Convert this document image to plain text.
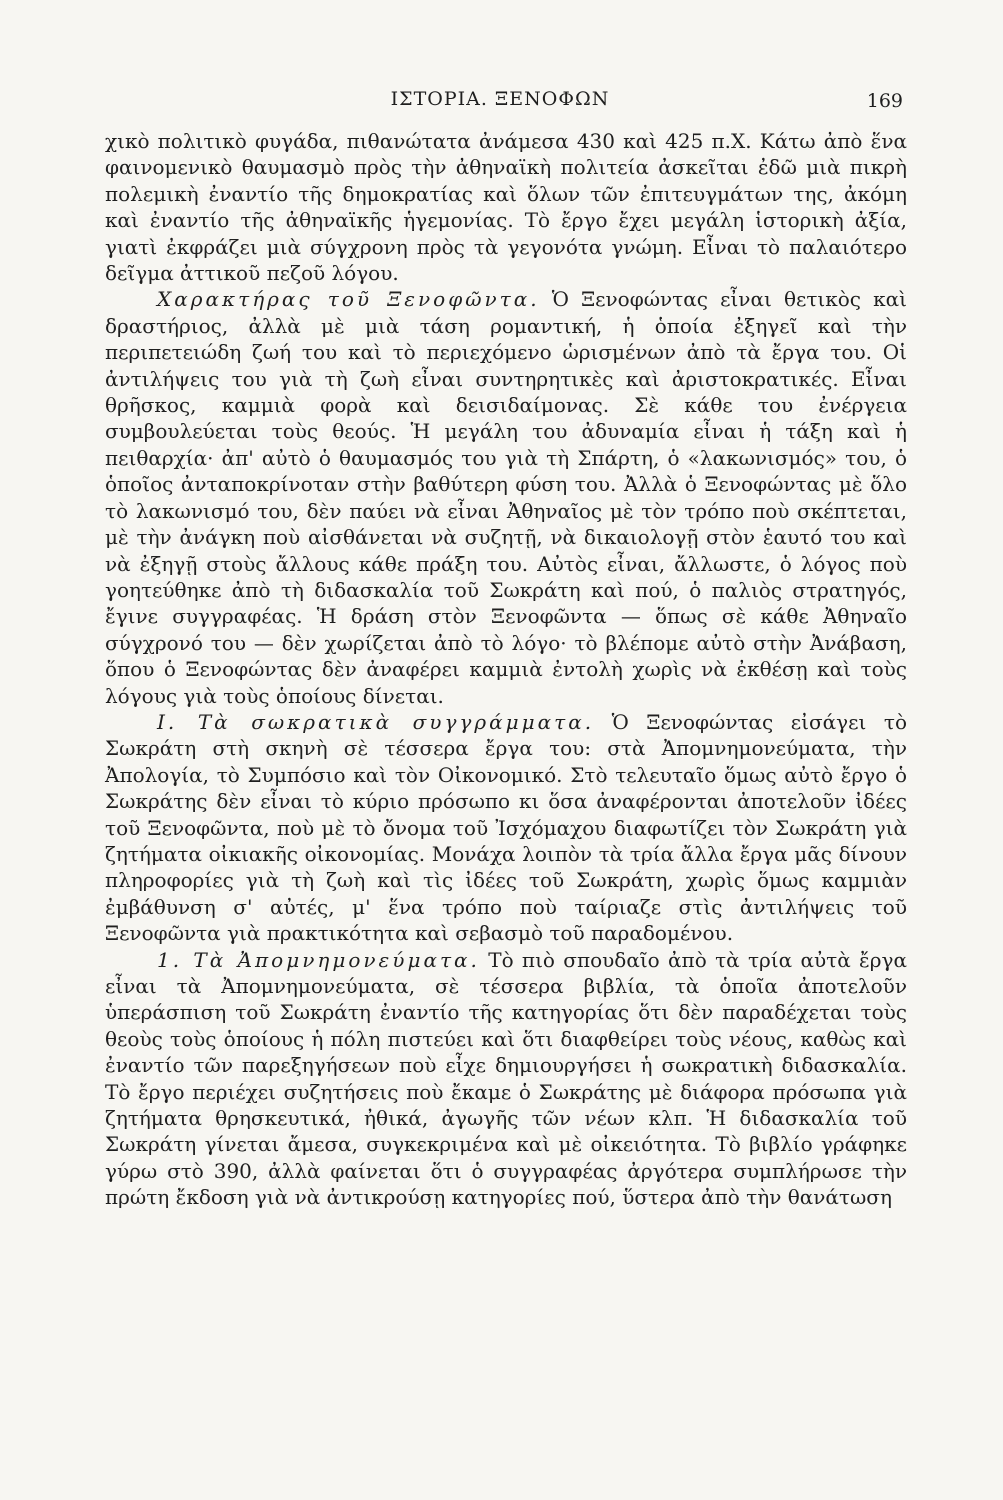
ΙΣΤΟΡΙΑ. ΞΕΝΟΦΩΝ	169

χικὸ πολιτικὸ φυγάδα, πιθανώτατα ἀνάμεσα 430 καὶ 425 π.Χ. Κάτω ἀπὸ ἕνα φαινομενικὸ θαυμασμὸ πρὸς τὴν ἀθηναϊκὴ πολιτεία ἀσκεῖται ἐδῶ μιὰ πικρὴ πολεμικὴ ἐναντίο τῆς δημοκρατίας καὶ ὅλων τῶν ἐπιτευγμάτων της, ἀκόμη καὶ ἐναντίο τῆς ἀθηναϊκῆς ἡγεμονίας. Τὸ ἔργο ἔχει μεγάλη ἱστορικὴ ἀξία, γιατὶ ἐκφράζει μιὰ σύγχρονη πρὸς τὰ γεγονότα γνώμη. Εἶναι τὸ παλαιότερο δεῖγμα ἀττικοῦ πεζοῦ λόγου.

Χαρακτήρας τοῦ Ξενοφῶντα. Ὁ Ξενοφώντας εἶναι θετικὸς καὶ δραστήριος, ἀλλὰ μὲ μιὰ τάση ρομαντική, ἡ ὁποία ἐξηγεῖ καὶ τὴν περιπετειώδη ζωή του καὶ τὸ περιεχόμενο ὡρισμένων ἀπὸ τὰ ἔργα του. Οἱ ἀντιλήψεις του γιὰ τὴ ζωὴ εἶναι συντηρητικὲς καὶ ἀριστοκρατικές. Εἶναι θρῆσκος, καμμιὰ φορὰ καὶ δεισιδαίμονας. Σὲ κάθε του ἐνέργεια συμβουλεύεται τοὺς θεούς. Ἡ μεγάλη του ἀδυναμία εἶναι ἡ τάξη καὶ ἡ πειθαρχία· ἀπ' αὐτὸ ὁ θαυμασμός του γιὰ τὴ Σπάρτη, ὁ «λακωνισμός» του, ὁ ὁποῖος ἀνταποκρίνοταν στὴν βαθύτερη φύση του. Ἀλλὰ ὁ Ξενοφώντας μὲ ὅλο τὸ λακωνισμό του, δὲν παύει νὰ εἶναι Ἀθηναῖος μὲ τὸν τρόπο ποὺ σκέπτεται, μὲ τὴν ἀνάγκη ποὺ αἰσθάνεται νὰ συζητῇ, νὰ δικαιολογῇ στὸν ἑαυτό του καὶ νὰ ἐξηγῇ στοὺς ἄλλους κάθε πράξη του. Αὐτὸς εἶναι, ἄλλωστε, ὁ λόγος ποὺ γοητεύθηκε ἀπὸ τὴ διδασκαλία τοῦ Σωκράτη καὶ πού, ὁ παλιὸς στρατηγός, ἔγινε συγγραφέας. Ἡ δράση στὸν Ξενοφῶντα — ὅπως σὲ κάθε Ἀθηναῖο σύγχρονό του — δὲν χωρίζεται ἀπὸ τὸ λόγο· τὸ βλέπομε αὐτὸ στὴν Ἀνάβαση, ὅπου ὁ Ξενοφώντας δὲν ἀναφέρει καμμιὰ ἐντολὴ χωρὶς νὰ ἐκθέσῃ καὶ τοὺς λόγους γιὰ τοὺς ὁποίους δίνεται.

I. Τὰ σωκρατικὰ συγγράμματα. Ὁ Ξενοφώντας εἰσάγει τὸ Σωκράτη στὴ σκηνὴ σὲ τέσσερα ἔργα του: στὰ Ἀπομνημονεύματα, τὴν Ἀπολογία, τὸ Συμπόσιο καὶ τὸν Οἰκονομικό. Στὸ τελευταῖο ὅμως αὐτὸ ἔργο ὁ Σωκράτης δὲν εἶναι τὸ κύριο πρόσωπο κι ὅσα ἀναφέρονται ἀποτελοῦν ἰδέες τοῦ Ξενοφῶντα, ποὺ μὲ τὸ ὄνομα τοῦ Ἰσχόμαχου διαφωτίζει τὸν Σωκράτη γιὰ ζητήματα οἰκιακῆς οἰκονομίας. Μονάχα λοιπὸν τὰ τρία ἄλλα ἔργα μᾶς δίνουν πληροφορίες γιὰ τὴ ζωὴ καὶ τὶς ἰδέες τοῦ Σωκράτη, χωρὶς ὅμως καμμιὰν ἐμβάθυνση σ' αὐτές, μ' ἕνα τρόπο ποὺ ταίριαζε στὶς ἀντιλήψεις τοῦ Ξενοφῶντα γιὰ πρακτικότητα καὶ σεβασμὸ τοῦ παραδομένου.

1. Τὰ Ἀπομνημονεύματα. Τὸ πιὸ σπουδαῖο ἀπὸ τὰ τρία αὐτὰ ἔργα εἶναι τὰ Ἀπομνημονεύματα, σὲ τέσσερα βιβλία, τὰ ὁποῖα ἀποτελοῦν ὑπεράσπιση τοῦ Σωκράτη ἐναντίο τῆς κατηγορίας ὅτι δὲν παραδέχεται τοὺς θεοὺς τοὺς ὁποίους ἡ πόλη πιστεύει καὶ ὅτι διαφθείρει τοὺς νέους, καθὼς καὶ ἐναντίο τῶν παρεξηγήσεων ποὺ εἶχε δημιουργήσει ἡ σωκρατικὴ διδασκαλία. Τὸ ἔργο περιέχει συζητήσεις ποὺ ἔκαμε ὁ Σωκράτης μὲ διάφορα πρόσωπα γιὰ ζητήματα θρησκευτικά, ἠθικά, ἀγωγῆς τῶν νέων κλπ. Ἡ διδασκαλία τοῦ Σωκράτη γίνεται ἄμεσα, συγκεκριμένα καὶ μὲ οἰκειότητα. Τὸ βιβλίο γράφηκε γύρω στὸ 390, ἀλλὰ φαίνεται ὅτι ὁ συγγραφέας ἀργότερα συμπλήρωσε τὴν πρώτη ἔκδοση γιὰ νὰ ἀντικρούσῃ κατηγορίες πού, ὕστερα ἀπὸ τὴν θανάτωση
